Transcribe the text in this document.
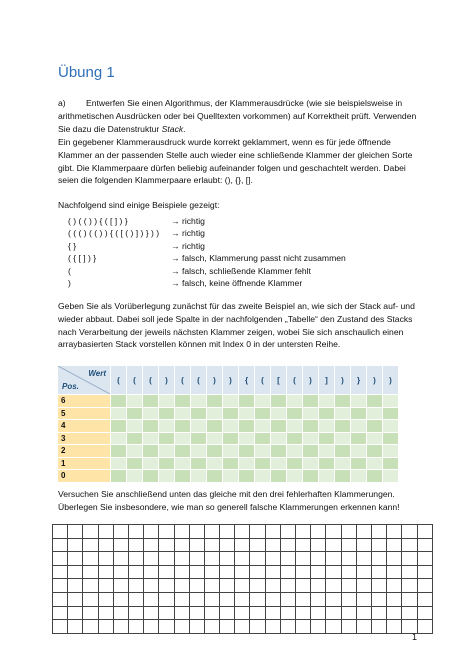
Übung 1

a) Entwerfen Sie einen Algorithmus, der Klammerausdrücke (wie sie beispielsweise in arithmetischen Ausdrücken oder bei Quelltexten vorkommen) auf Korrektheit prüft. Verwenden Sie dazu die Datenstruktur Stack.

Ein gegebener Klammerausdruck wurde korrekt geklammert, wenn es für jede öffnende Klammer an der passenden Stelle auch wieder eine schließende Klammer der gleichen Sorte gibt. Die Klammerpaare dürfen beliebig aufeinander folgen und geschachtelt werden. Dabei seien die folgenden Klammerpaare erlaubt: (), {}, [].

Nachfolgend sind einige Beispiele gezeigt:

( ) ( ( ) ) { ( [ ] ) }	→ richtig
( ( ( ) ( ( ) ) { ( [ ( ) ] ) } ) )	→ richtig
{ }	→ richtig
( { [ ] ) }	→ falsch, Klammerung passt nicht zusammen
(	→ falsch, schließende Klammer fehlt
)	→ falsch, keine öffnende Klammer

Geben Sie als Vorüberlegung zunächst für das zweite Beispiel an, wie sich der Stack auf- und wieder abbaut. Dabei soll jede Spalte in der nachfolgenden „Tabelle“ den Zustand des Stacks nach Verarbeitung der jeweils nächsten Klammer zeigen, wobei Sie sich anschaulich einen arraybasierten Stack vorstellen können mit Index 0 in der untersten Reihe.

Wert
Pos.	(	(	(	)	(	(	)	)	{	(	[	(	)	]	)	}	)	)
6																		
5																		
4																		
3																		
2																		
1																		
0																		

Versuchen Sie anschließend unten das gleiche mit den drei fehlerhaften Klammerungen. Überlegen Sie insbesondere, wie man so generell falsche Klammerungen erkennen kann!

1
